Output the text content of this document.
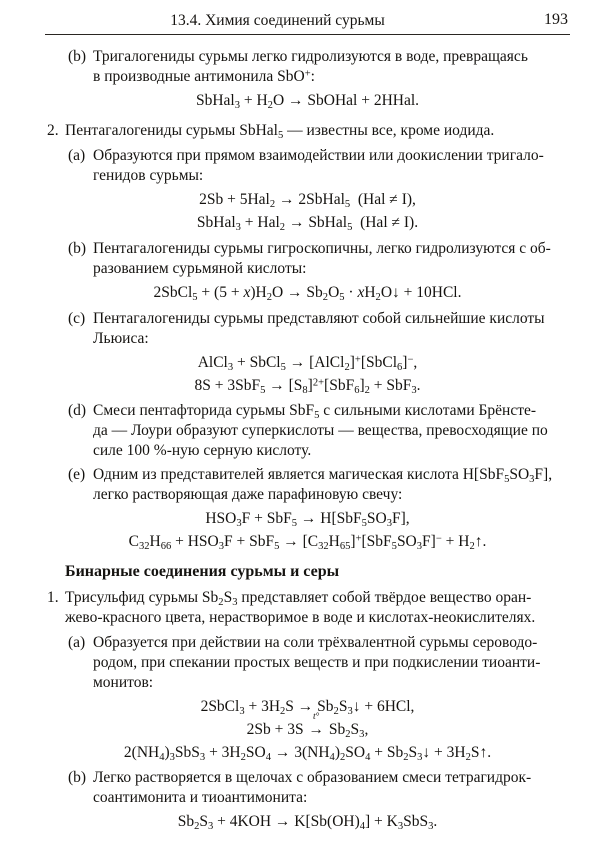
13.4. Химия соединений сурьмы	193
(b) Тригалогениды сурьмы легко гидролизуются в воде, превращаясь
в производные антимонила SbO+:
SbHal$_3$ + $H_2O$ → SbOHal + 2HHal.
2. Пентагалогениды сурьмы SbHal$_5$ — известны все, кроме иодида.
(a) Образуются при прямом взаимодействии или доокислении тригало-
генидов сурьмы:
2Sb + 5Hal$_2$ → 2SbHal$_5$  (Hal ≠ I),
SbHal$_3$ + Hal$_2$ → SbHal$_5$  (Hal ≠ I).
(b) Пентагалогениды сурьмы гигроскопичны, легко гидролизуются с об-
разованием сурьмяной кислоты:
2SbCl$_5$ + $(5 + x)H_2O \to Sb_2O_5$ · $xH_2O↓ + 10HCl$.
(c) Пентагалогениды сурьмы представляют собой сильнейшие кислоты
Льюиса:
AlCl$_3$ + SbCl$_5$ → [AlCl$_2$]+[SbCl$_6$]−,
$8S + 3SbF_5 \to [S_8]^{2+}[SbF_6]_2 + SbF_3$.
(d) Смеси пентафторида сурьмы SbF$_5$ с сильными кислотами Брёнсте-
да — Лоури образуют суперкислоты — вещества, превосходящие по
силе 100 %-ную серную кислоту.
(e) Одним из представителей является магическая кислота $H[SbF_5SO_3F]$,
легко растворяющая даже парафиновую свечу:
$HSO_3F + SbF_5 \to H[SbF_5SO_3F]$,
$C_{32}H_{66} + HSO_3F + SbF_5 \to [C_{32}H_{65}]^+[SbF_5SO_3F]^-$ + $H_2↑$.
Бинарные соединения сурьмы и серы
1. Трисульфид сурьмы $Sb_2S_3$ представляет собой твёрдое вещество оран-
жево-красного цвета, нерастворимое в воде и кислотах-неокислителях.
(a) Образуется при действии на соли трёхвалентной сурьмы сероводо-
родом, при спекании простых веществ и при подкислении тиоанти-
монитов:
2SbCl$_3$ + $3H_2S$ → $Sb_2S_3↓ + 6HCl$,
2Sb + 3S
t°
→ $Sb_2S_3$,
$2(NH_4)_3SbS_3 + 3H_2SO_4 \to 3(NH_4)_2SO_4$ + $Sb_2S_3↓$ + $3H_2S↑$.
(b) Легко растворяется в щелочах с образованием смеси тетрагидрок-
соантимонита и тиоантимонита:
$Sb_2S_3 + 4KOH \to K[Sb(OH)_4] + K_3SbS_3$.
